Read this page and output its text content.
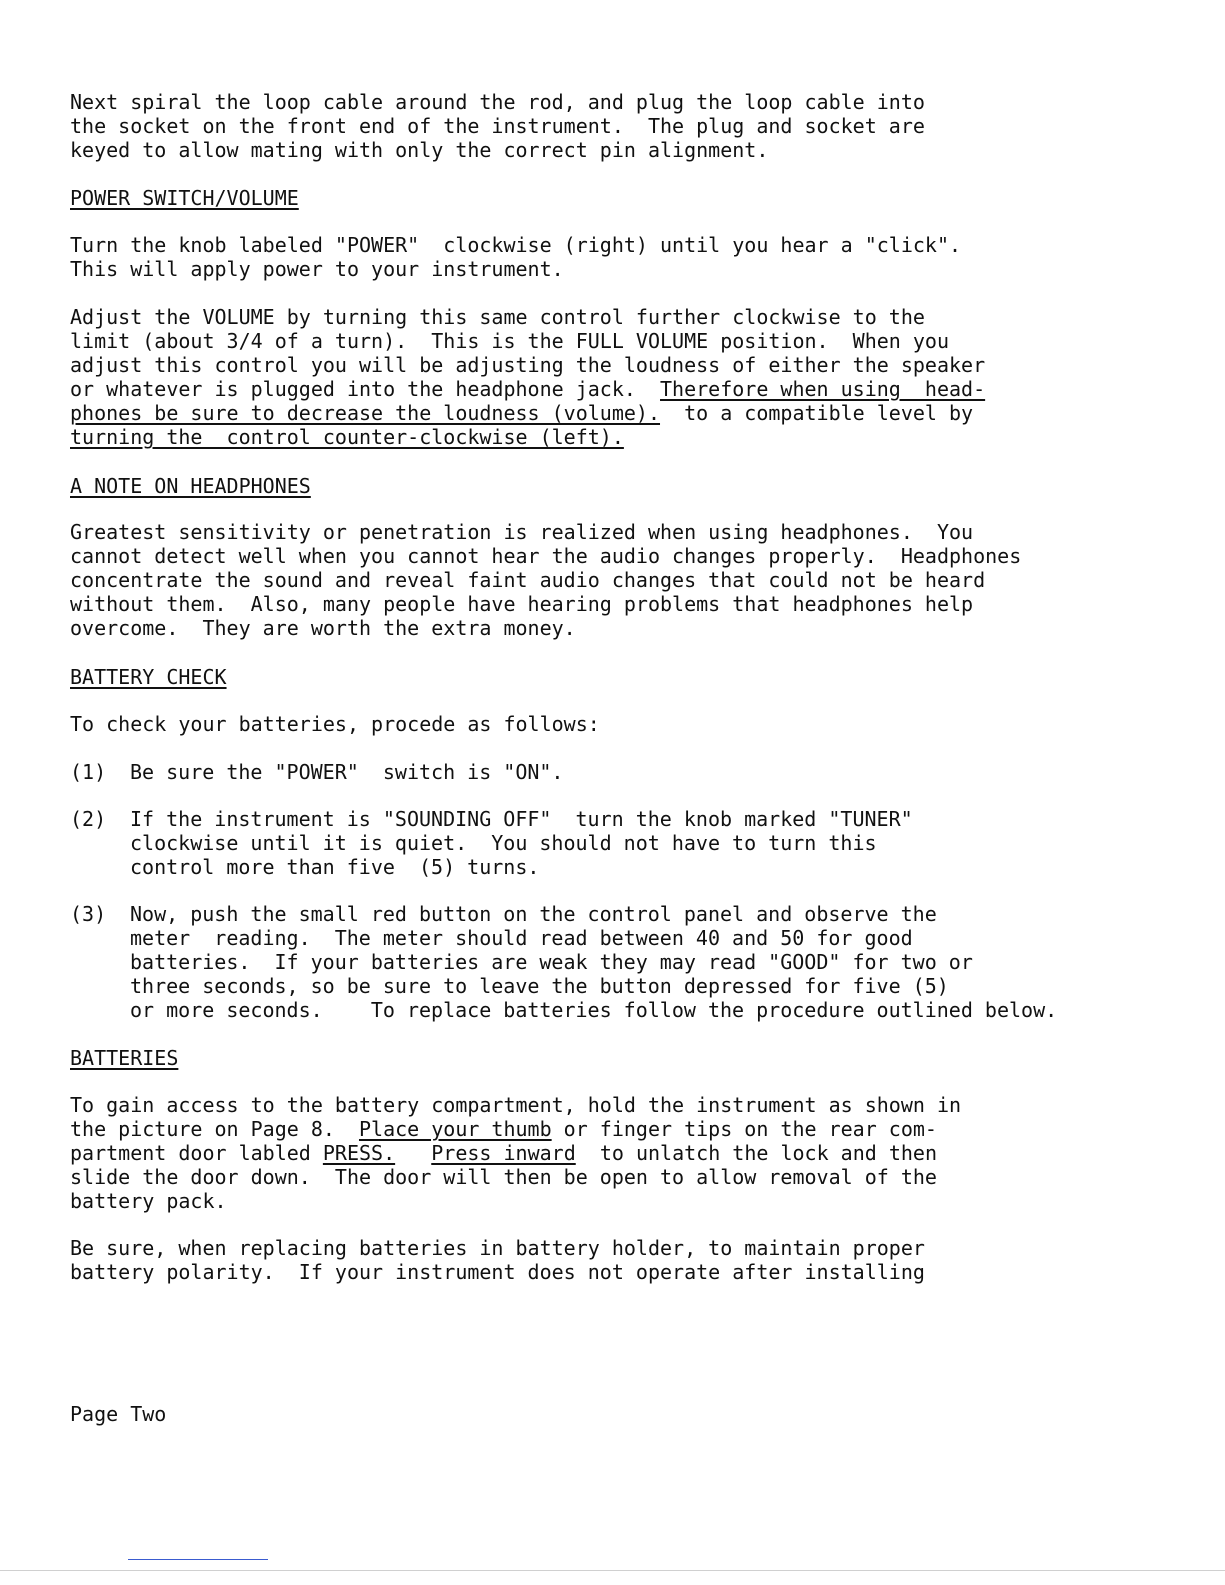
Next spiral the loop cable around the rod, and plug the loop cable into
the socket on the front end of the instrument.  The plug and socket are
keyed to allow mating with only the correct pin alignment.
POWER SWITCH/VOLUME
Turn the knob labeled "POWER"  clockwise (right) until you hear a "click".
This will apply power to your instrument.
Adjust the VOLUME by turning this same control further clockwise to the
limit (about 3/4 of a turn).  This is the FULL VOLUME position.  When you
adjust this control you will be adjusting the loudness of either the speaker
or whatever is plugged into the headphone jack.  Therefore when using  head-
phones be sure to decrease the loudness (volume).  to a compatible level by
turning the  control counter-clockwise (left).
A NOTE ON HEADPHONES
Greatest sensitivity or penetration is realized when using headphones.  You
cannot detect well when you cannot hear the audio changes properly.  Headphones
concentrate the sound and reveal faint audio changes that could not be heard
without them.  Also, many people have hearing problems that headphones help
overcome.  They are worth the extra money.
BATTERY CHECK
To check your batteries, procede as follows:
(1) Be sure the "POWER"  switch is "ON".
(2) If the instrument is "SOUNDING OFF"  turn the knob marked "TUNER"
clockwise until it is quiet.  You should not have to turn this
control more than five  (5) turns.
(3) Now, push the small red button on the control panel and observe the
meter  reading.  The meter should read between 40 and 50 for good
batteries.  If your batteries are weak they may read "GOOD" for two or
three seconds, so be sure to leave the button depressed for five (5)
or more seconds.    To replace batteries follow the procedure outlined below.
BATTERIES
To gain access to the battery compartment, hold the instrument as shown in
the picture on Page 8.  Place your thumb or finger tips on the rear com-
partment door labled PRESS. Press inward  to unlatch the lock and then
slide the door down.  The door will then be open to allow removal of the
battery pack.
Be sure, when replacing batteries in battery holder, to maintain proper
battery polarity.  If your instrument does not operate after installing
Page Two
